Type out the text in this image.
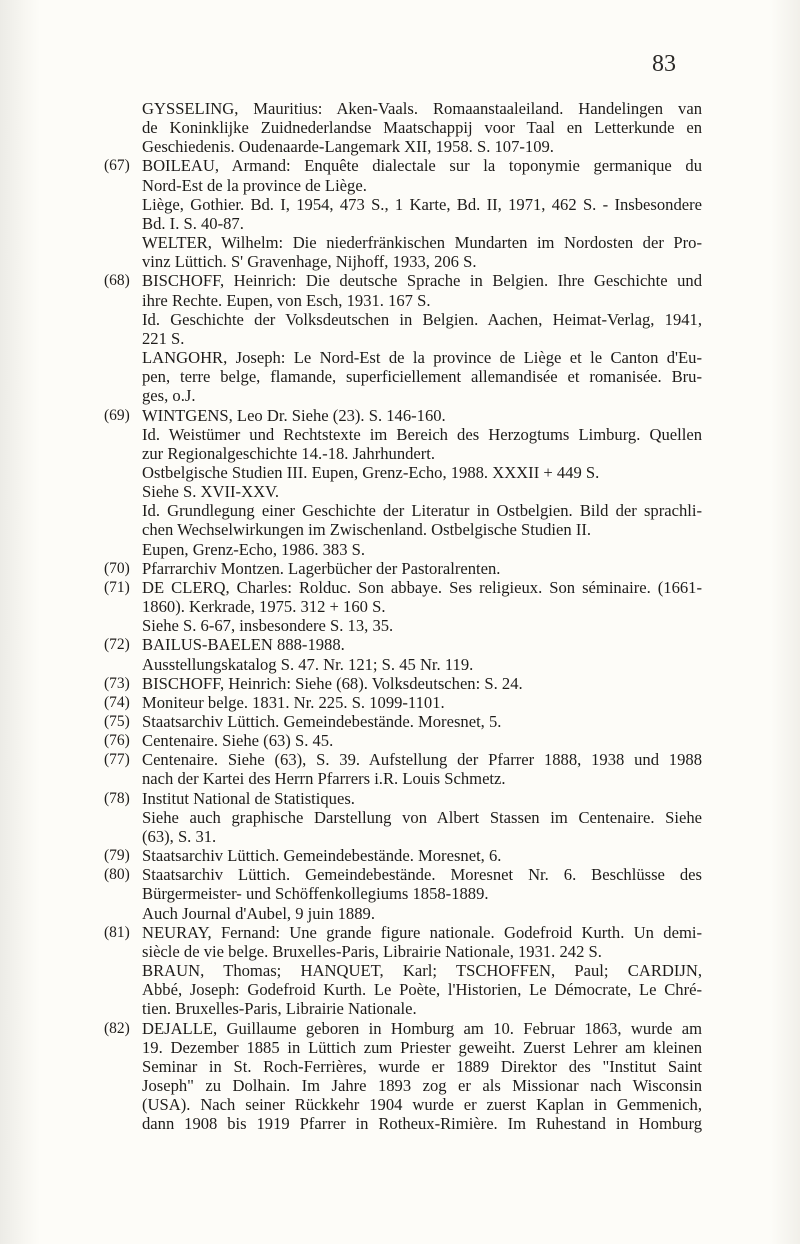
83
GYSSELING, Mauritius: Aken-Vaals. Romaanstaaleiland. Handelingen van
de Koninklijke Zuidnederlandse Maatschappij voor Taal en Letterkunde en
Geschiedenis. Oudenaarde-Langemark XII, 1958. S. 107-109.
(67) BOILEAU, Armand: Enquête dialectale sur la toponymie germanique du
Nord-Est de la province de Liège.
Liège, Gothier. Bd. I, 1954, 473 S., 1 Karte, Bd. II, 1971, 462 S. - Insbesondere
Bd. I. S. 40-87.
WELTER, Wilhelm: Die niederfränkischen Mundarten im Nordosten der Pro-
vinz Lüttich. S' Gravenhage, Nijhoff, 1933, 206 S.
(68) BISCHOFF, Heinrich: Die deutsche Sprache in Belgien. Ihre Geschichte und
ihre Rechte. Eupen, von Esch, 1931. 167 S.
Id. Geschichte der Volksdeutschen in Belgien. Aachen, Heimat-Verlag, 1941,
221 S.
LANGOHR, Joseph: Le Nord-Est de la province de Liège et le Canton d'Eu-
pen, terre belge, flamande, superficiellement allemandisée et romanisée. Bru-
ges, o.J.
(69) WINTGENS, Leo Dr. Siehe (23). S. 146-160.
Id. Weistümer und Rechtstexte im Bereich des Herzogtums Limburg. Quellen
zur Regionalgeschichte 14.-18. Jahrhundert.
Ostbelgische Studien III. Eupen, Grenz-Echo, 1988. XXXII + 449 S.
Siehe S. XVII-XXV.
Id. Grundlegung einer Geschichte der Literatur in Ostbelgien. Bild der sprachli-
chen Wechselwirkungen im Zwischenland. Ostbelgische Studien II.
Eupen, Grenz-Echo, 1986. 383 S.
(70) Pfarrarchiv Montzen. Lagerbücher der Pastoralrenten.
(71) DE CLERQ, Charles: Rolduc. Son abbaye. Ses religieux. Son séminaire. (1661-
1860). Kerkrade, 1975. 312 + 160 S.
Siehe S. 6-67, insbesondere S. 13, 35.
(72) BAILUS-BAELEN 888-1988.
Ausstellungskatalog S. 47. Nr. 121; S. 45 Nr. 119.
(73) BISCHOFF, Heinrich: Siehe (68). Volksdeutschen: S. 24.
(74) Moniteur belge. 1831. Nr. 225. S. 1099-1101.
(75) Staatsarchiv Lüttich. Gemeindebestände. Moresnet, 5.
(76) Centenaire. Siehe (63) S. 45.
(77) Centenaire. Siehe (63), S. 39. Aufstellung der Pfarrer 1888, 1938 und 1988
nach der Kartei des Herrn Pfarrers i.R. Louis Schmetz.
(78) Institut National de Statistiques.
Siehe auch graphische Darstellung von Albert Stassen im Centenaire. Siehe
(63), S. 31.
(79) Staatsarchiv Lüttich. Gemeindebestände. Moresnet, 6.
(80) Staatsarchiv Lüttich. Gemeindebestände. Moresnet Nr. 6. Beschlüsse des
Bürgermeister- und Schöffenkollegiums 1858-1889.
Auch Journal d'Aubel, 9 juin 1889.
(81) NEURAY, Fernand: Une grande figure nationale. Godefroid Kurth. Un demi-
siècle de vie belge. Bruxelles-Paris, Librairie Nationale, 1931. 242 S.
BRAUN, Thomas; HANQUET, Karl; TSCHOFFEN, Paul; CARDIJN,
Abbé, Joseph: Godefroid Kurth. Le Poète, l'Historien, Le Démocrate, Le Chré-
tien. Bruxelles-Paris, Librairie Nationale.
(82) DEJALLE, Guillaume geboren in Homburg am 10. Februar 1863, wurde am
19. Dezember 1885 in Lüttich zum Priester geweiht. Zuerst Lehrer am kleinen
Seminar in St. Roch-Ferrières, wurde er 1889 Direktor des "Institut Saint
Joseph" zu Dolhain. Im Jahre 1893 zog er als Missionar nach Wisconsin
(USA). Nach seiner Rückkehr 1904 wurde er zuerst Kaplan in Gemmenich,
dann 1908 bis 1919 Pfarrer in Rotheux-Rimière. Im Ruhestand in Homburg
